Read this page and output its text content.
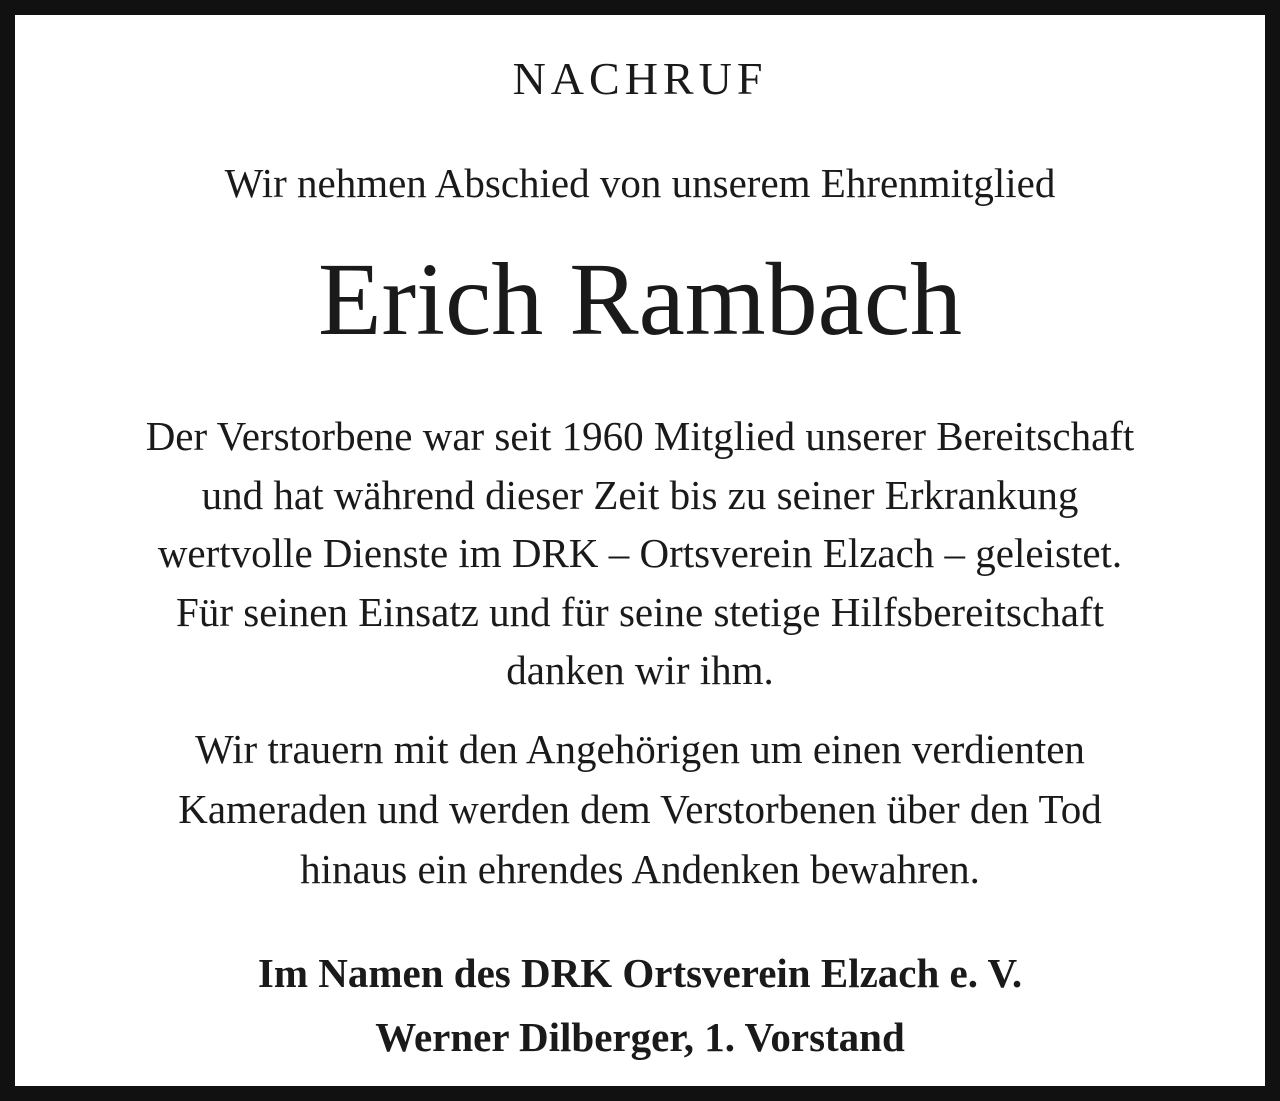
NACHRUF
Wir nehmen Abschied von unserem Ehrenmitglied
Erich Rambach
Der Verstorbene war seit 1960 Mitglied unserer Bereitschaft
und hat während dieser Zeit bis zu seiner Erkrankung
wertvolle Dienste im DRK – Ortsverein Elzach – geleistet.
Für seinen Einsatz und für seine stetige Hilfsbereitschaft
danken wir ihm.
Wir trauern mit den Angehörigen um einen verdienten
Kameraden und werden dem Verstorbenen über den Tod
hinaus ein ehrendes Andenken bewahren.
Im Namen des DRK Ortsverein Elzach e. V.
Werner Dilberger, 1. Vorstand
